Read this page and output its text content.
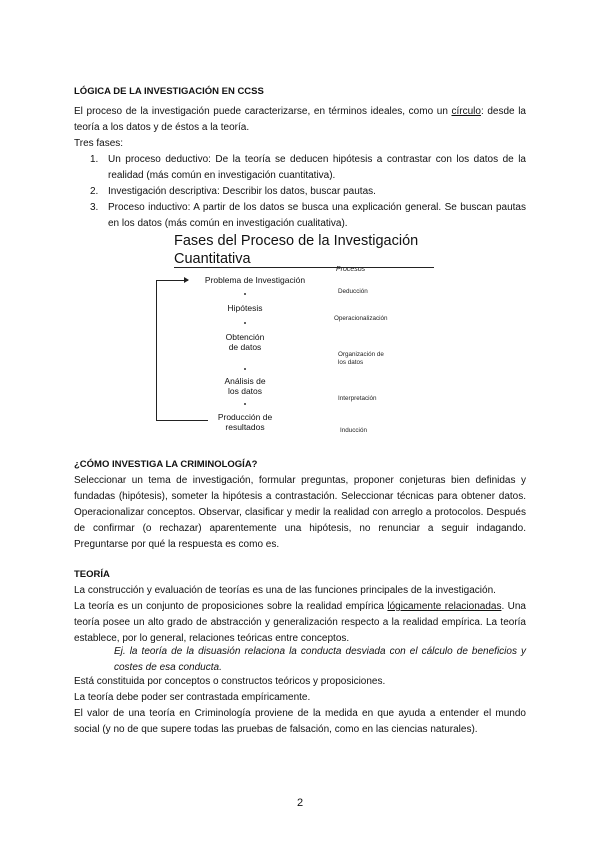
LÓGICA DE LA INVESTIGACIÓN EN CCSS
El proceso de la investigación puede caracterizarse, en términos ideales, como un círculo: desde la teoría a los datos y de éstos a la teoría.
Tres fases:
1. Un proceso deductivo: De la teoría se deducen hipótesis a contrastar con los datos de la realidad (más común en investigación cuantitativa).
2. Investigación descriptiva: Describir los datos, buscar pautas.
3. Proceso inductivo: A partir de los datos se busca una explicación general. Se buscan pautas en los datos (más común en investigación cualitativa).
Fases del Proceso de la Investigación
Cuantitativa
Procesos
Problema de Investigación
Hipótesis
Obtención
de datos
Análisis de
los datos
Producción de
resultados
Deducción
Operacionalización
Organización de
los datos
Interpretación
Inducción
¿CÓMO INVESTIGA LA CRIMINOLOGÍA?
Seleccionar un tema de investigación, formular preguntas, proponer conjeturas bien definidas y fundadas (hipótesis), someter la hipótesis a contrastación. Seleccionar técnicas para obtener datos. Operacionalizar conceptos. Observar, clasificar y medir la realidad con arreglo a protocolos. Después de confirmar (o rechazar) aparentemente una hipótesis, no renunciar a seguir indagando. Preguntarse por qué la respuesta es como es.
TEORÍA
La construcción y evaluación de teorías es una de las funciones principales de la investigación.
La teoría es un conjunto de proposiciones sobre la realidad empírica lógicamente relacionadas. Una teoría posee un alto grado de abstracción y generalización respecto a la realidad empírica. La teoría establece, por lo general, relaciones teóricas entre conceptos.
Ej. la teoría de la disuasión relaciona la conducta desviada con el cálculo de beneficios y costes de esa conducta.
Está constituida por conceptos o constructos teóricos y proposiciones.
La teoría debe poder ser contrastada empíricamente.
El valor de una teoría en Criminología proviene de la medida en que ayuda a entender el mundo social (y no de que supere todas las pruebas de falsación, como en las ciencias naturales).
2
